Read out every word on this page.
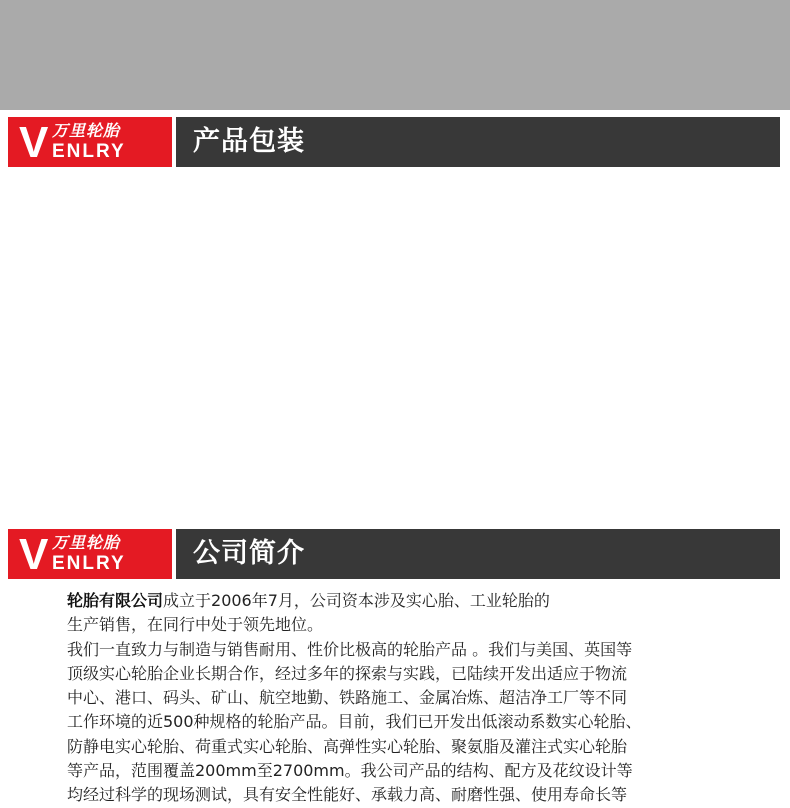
V 万里轮胎
ENLRY 产品包装
V 万里轮胎
ENLRY 公司简介

轮胎有限公司成立于2006年7月，公司资本涉及实心胎、工业轮胎的

生产销售，在同行中处于领先地位。

我们一直致力与制造与销售耐用、性价比极高的轮胎产品 。我们与美国、英国等

顶级实心轮胎企业长期合作，经过多年的探索与实践，已陆续开发出适应于物流

中心、港口、码头、矿山、航空地勤、铁路施工、金属冶炼、超洁净工厂等不同

工作环境的近500种规格的轮胎产品。目前，我们已开发出低滚动系数实心轮胎、

防静电实心轮胎、荷重式实心轮胎、高弹性实心轮胎、聚氨脂及灌注式实心轮胎

等产品，范围覆盖200mm至2700mm。我公司产品的结构、配方及花纹设计等

均经过科学的现场测试，具有安全性能好、承载力高、耐磨性强、使用寿命长等
